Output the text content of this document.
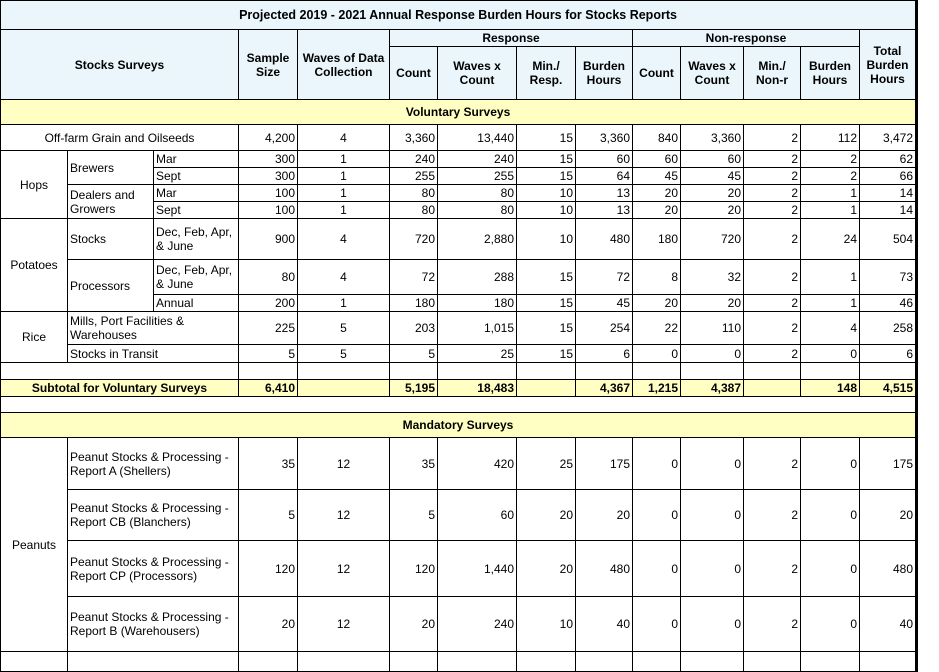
Projected 2019 - 2021 Annual Response Burden Hours for Stocks Reports													
Stocks Surveys			Sample Size	Waves of Data Collection	Response				Non-response				Total Burden Hours
					Count	Waves x Count	Min./ Resp.	Burden Hours	Count	Waves x Count	Min./ Non-r	Burden Hours	
Voluntary Surveys													
Off-farm Grain and Oilseeds			4,200	4	3,360	13,440	15	3,360	840	3,360	2	112	3,472
Hops	Brewers	Mar	300	1	240	240	15	60	60	60	2	2	62
		Sept	300	1	255	255	15	64	45	45	2	2	66
	Dealers and Growers	Mar	100	1	80	80	10	13	20	20	2	1	14
		Sept	100	1	80	80	10	13	20	20	2	1	14
Potatoes	Stocks	Dec, Feb, Apr, & June	900	4	720	2,880	10	480	180	720	2	24	504
	Processors	Dec, Feb, Apr, & June	80	4	72	288	15	72	8	32	2	1	73
		Annual	200	1	180	180	15	45	20	20	2	1	46
Rice	Mills, Port Facilities & Warehouses		225	5	203	1,015	15	254	22	110	2	4	258
	Stocks in Transit		5	5	5	25	15	6	0	0	2	0	6

Subtotal for Voluntary Surveys			6,410		5,195	18,483		4,367	1,215	4,387		148	4,515

Mandatory Surveys													
Peanuts	Peanut Stocks & Processing - Report A (Shellers)		35	12	35	420	25	175	0	0	2	0	175
	Peanut Stocks & Processing - Report CB (Blanchers)		5	12	5	60	20	20	0	0	2	0	20
	Peanut Stocks & Processing - Report CP (Processors)		120	12	120	1,440	20	480	0	0	2	0	480
	Peanut Stocks & Processing - Report B (Warehousers)		20	12	20	240	10	40	0	0	2	0	40
